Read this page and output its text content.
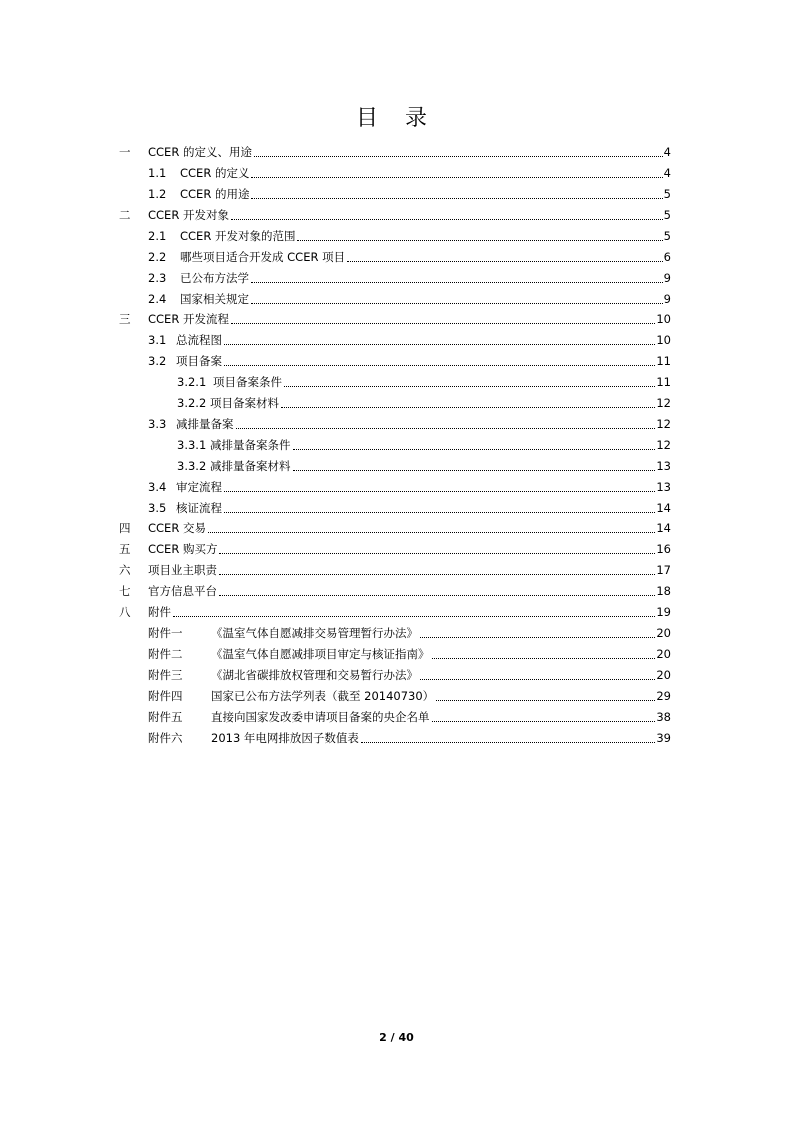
目 录
一	CCER 的定义、用途	4
1.1	CCER 的定义	4
1.2	CCER 的用途	5
二	CCER 开发对象	5
2.1	CCER 开发对象的范围	5
2.2	哪些项目适合开发成 CCER 项目	6
2.3	已公布方法学	9
2.4	国家相关规定	9
三	CCER 开发流程	10
3.1 总流程图	10
3.2 项目备案	11
3.2.1 项目备案条件	11
3.2.2 项目备案材料	12
3.3 减排量备案	12
3.3.1 减排量备案条件	12
3.3.2 减排量备案材料	13
3.4 审定流程	13
3.5 核证流程	14
四	CCER 交易	14
五	CCER 购买方	16
六	项目业主职责	17
七	官方信息平台	18
八	附件	19
附件一	《温室气体自愿减排交易管理暂行办法》	20
附件二	《温室气体自愿减排项目审定与核证指南》	20
附件三	《湖北省碳排放权管理和交易暂行办法》	20
附件四	国家已公布方法学列表（截至 20140730）	29
附件五	直接向国家发改委申请项目备案的央企名单	38
附件六	2013 年电网排放因子数值表	39
2 / 40
